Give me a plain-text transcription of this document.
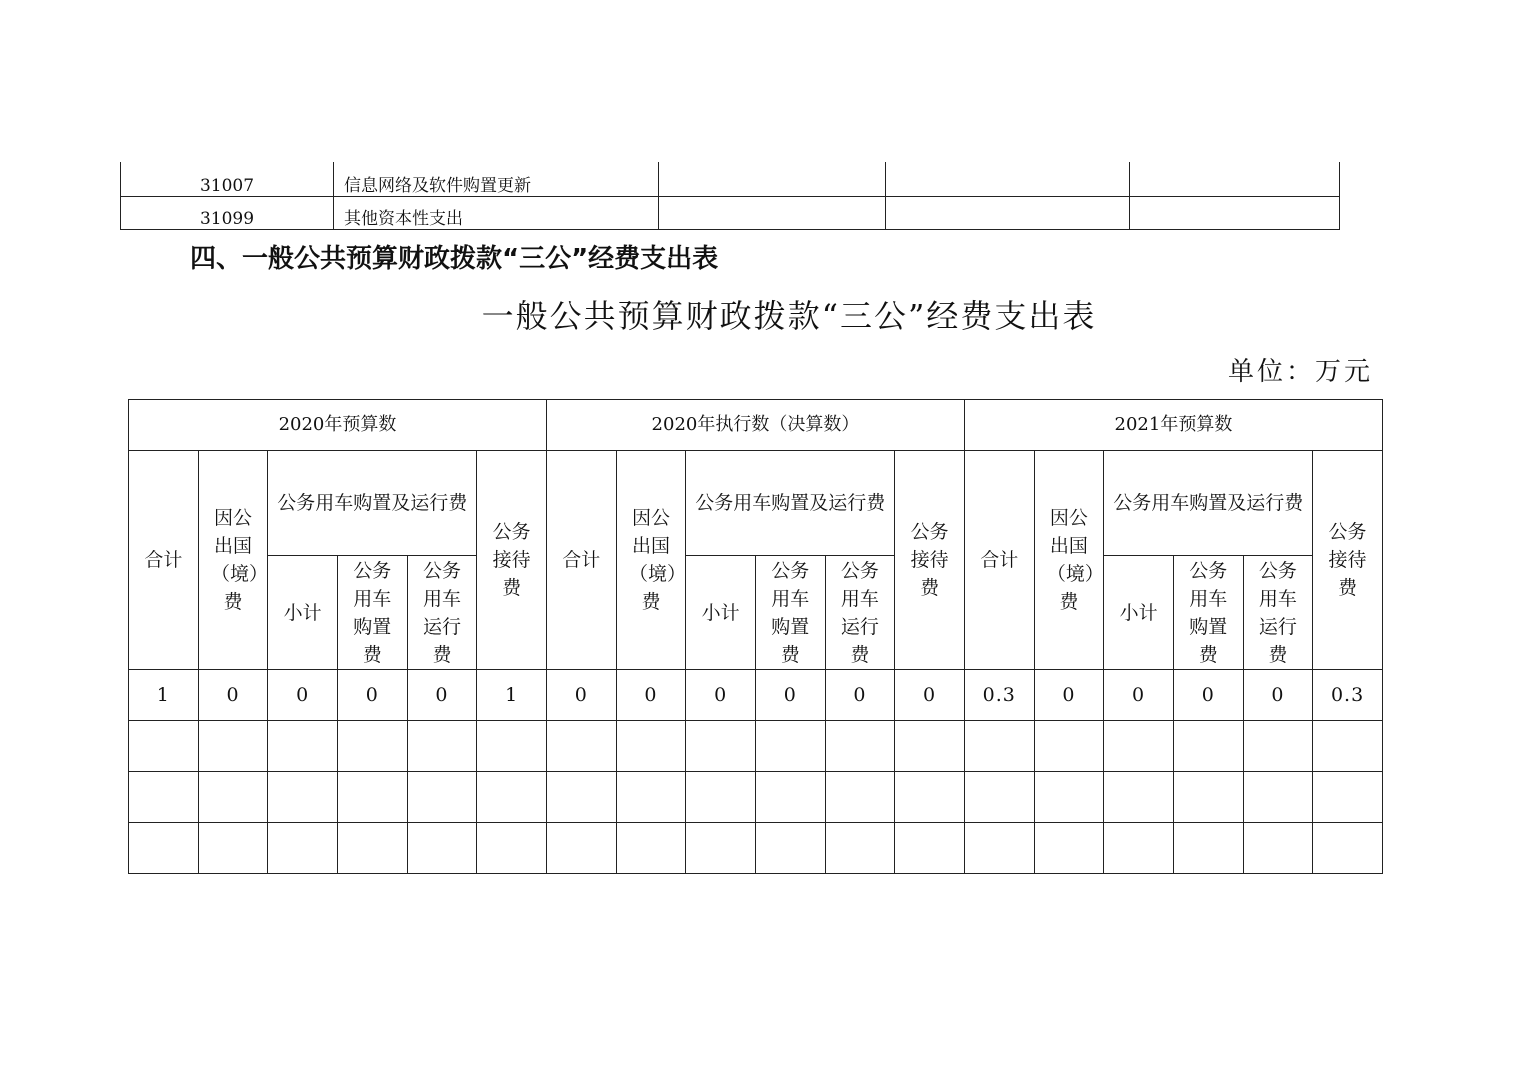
31007	信息网络及软件购置更新			
31099	其他资本性支出			
四、一般公共预算财政拨款“三公”经费支出表
一般公共预算财政拨款“三公”经费支出表
单位：万元
2020年预算数						2020年执行数（决算数）						2021年预算数					
合计	因公出国（境）费	公务用车购置及运行费			公务接待费	合计	因公出国（境）费	公务用车购置及运行费			公务接待费	合计	因公出国（境）费	公务用车购置及运行费			公务接待费
		小计	公务用车购置费	公务用车运行费				小计	公务用车购置费	公务用车运行费				小计	公务用车购置费	公务用车运行费	
1	0	0	0	0	1	0	0	0	0	0	0	0.3	0	0	0	0	0.3
